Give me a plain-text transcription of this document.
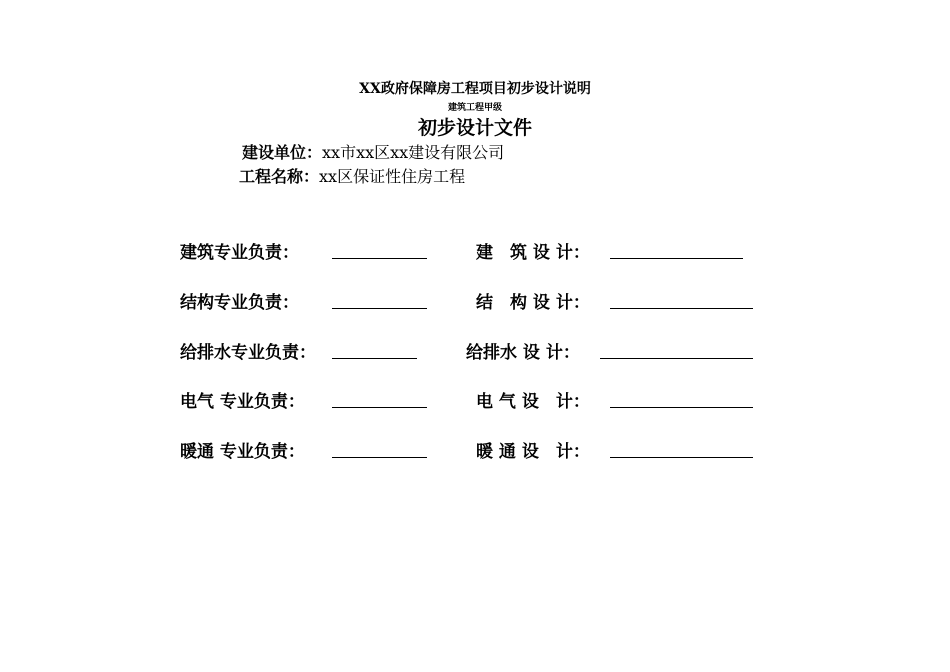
XX政府保障房工程项目初步设计说明
建筑工程甲级
初步设计文件
建设单位：xx市xx区xx建设有限公司
工程名称：xx区保证性住房工程
建筑专业负责：	建　筑 设 计：
结构专业负责：	结　构 设 计：
给排水专业负责：	给排水 设 计：
电气 专业负责：	电 气 设　计：
暖通 专业负责：	暖 通 设　计：
